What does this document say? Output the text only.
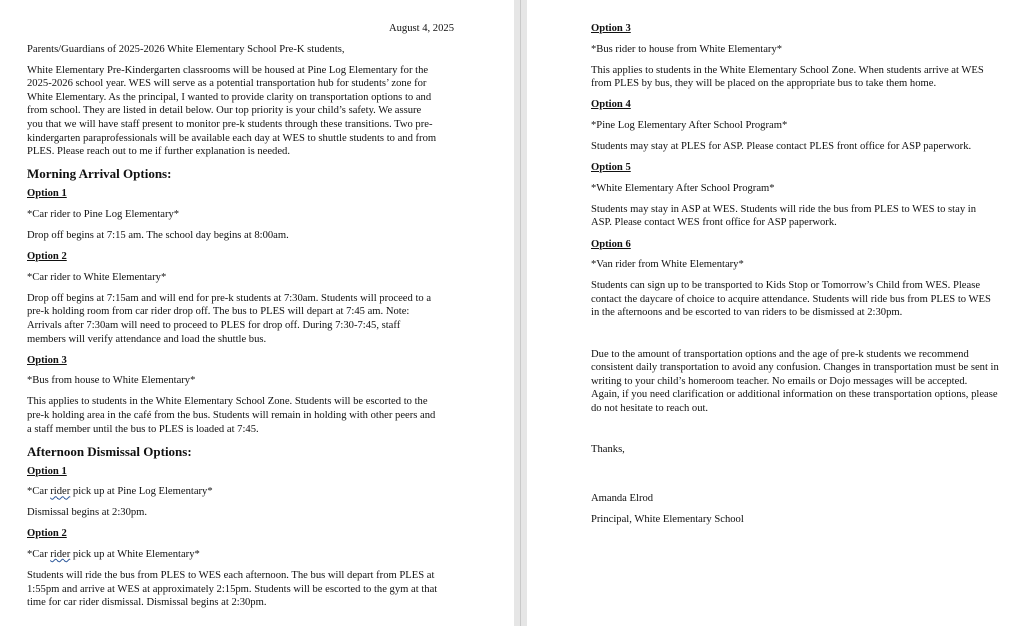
August 4, 2025

Parents/Guardians of 2025-2026 White Elementary School Pre-K students,

White Elementary Pre-Kindergarten classrooms will be housed at Pine Log Elementary for the

2025-2026 school year. WES will serve as a potential transportation hub for students’ zone for

White Elementary. As the principal, I wanted to provide clarity on transportation options to and

from school. They are listed in detail below. Our top priority is your child’s safety. We assure

you that we will have staff present to monitor pre-k students through these transitions. Two pre-

kindergarten paraprofessionals will be available each day at WES to shuttle students to and from

PLES. Please reach out to me if further explanation is needed.

Morning Arrival Options:

Option 1

*Car rider to Pine Log Elementary*

Drop off begins at 7:15 am. The school day begins at 8:00am.

Option 2

*Car rider to White Elementary*

Drop off begins at 7:15am and will end for pre-k students at 7:30am. Students will proceed to a

pre-k holding room from car rider drop off. The bus to PLES will depart at 7:45 am. Note:

Arrivals after 7:30am will need to proceed to PLES for drop off. During 7:30-7:45, staff

members will verify attendance and load the shuttle bus.

Option 3

*Bus from house to White Elementary*

This applies to students in the White Elementary School Zone. Students will be escorted to the

pre-k holding area in the café from the bus. Students will remain in holding with other peers and

a staff member until the bus to PLES is loaded at 7:45.

Afternoon Dismissal Options:

Option 1

*Car rider pick up at Pine Log Elementary*

Dismissal begins at 2:30pm.

Option 2

*Car rider pick up at White Elementary*

Students will ride the bus from PLES to WES each afternoon. The bus will depart from PLES at

1:55pm and arrive at WES at approximately 2:15pm. Students will be escorted to the gym at that

time for car rider dismissal. Dismissal begins at 2:30pm.

Option 3

*Bus rider to house from White Elementary*

This applies to students in the White Elementary School Zone. When students arrive at WES

from PLES by bus, they will be placed on the appropriate bus to take them home.

Option 4

*Pine Log Elementary After School Program*

Students may stay at PLES for ASP. Please contact PLES front office for ASP paperwork.

Option 5

*White Elementary After School Program*

Students may stay in ASP at WES. Students will ride the bus from PLES to WES to stay in

ASP. Please contact WES front office for ASP paperwork.

Option 6

*Van rider from White Elementary*

Students can sign up to be transported to Kids Stop or Tomorrow’s Child from WES. Please

contact the daycare of choice to acquire attendance. Students will ride bus from PLES to WES

in the afternoons and be escorted to van riders to be dismissed at 2:30pm.

Due to the amount of transportation options and the age of pre-k students we recommend

consistent daily transportation to avoid any confusion. Changes in transportation must be sent in

writing to your child’s homeroom teacher. No emails or Dojo messages will be accepted.

Again, if you need clarification or additional information on these transportation options, please

do not hesitate to reach out.

Thanks,

Amanda Elrod

Principal, White Elementary School
